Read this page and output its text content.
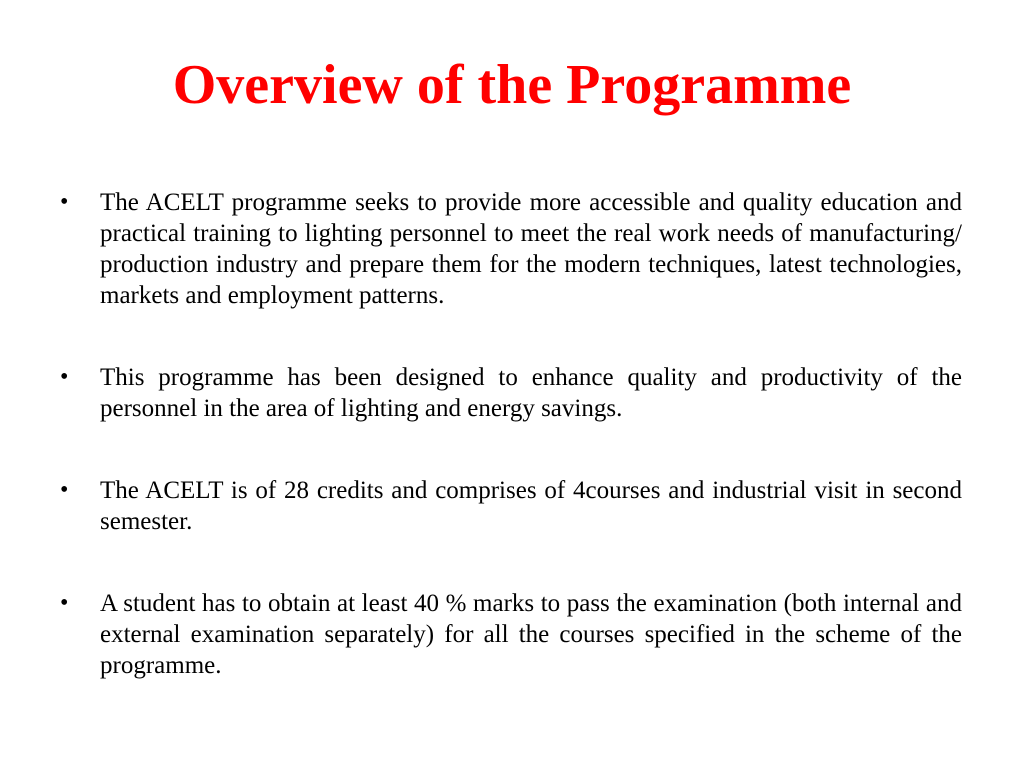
Overview of the Programme
• The ACELT programme seeks to provide more accessible and quality education and practical training to lighting personnel to meet the real work needs of manufacturing/ production industry and prepare them for the modern techniques, latest technologies, markets and employment patterns.
• This programme has been designed to enhance quality and productivity of the personnel in the area of lighting and energy savings.
• The ACELT is of 28 credits and comprises of 4courses and industrial visit in second semester.
• A student has to obtain at least 40 % marks to pass the examination (both internal and external examination separately) for all the courses specified in the scheme of the programme.
